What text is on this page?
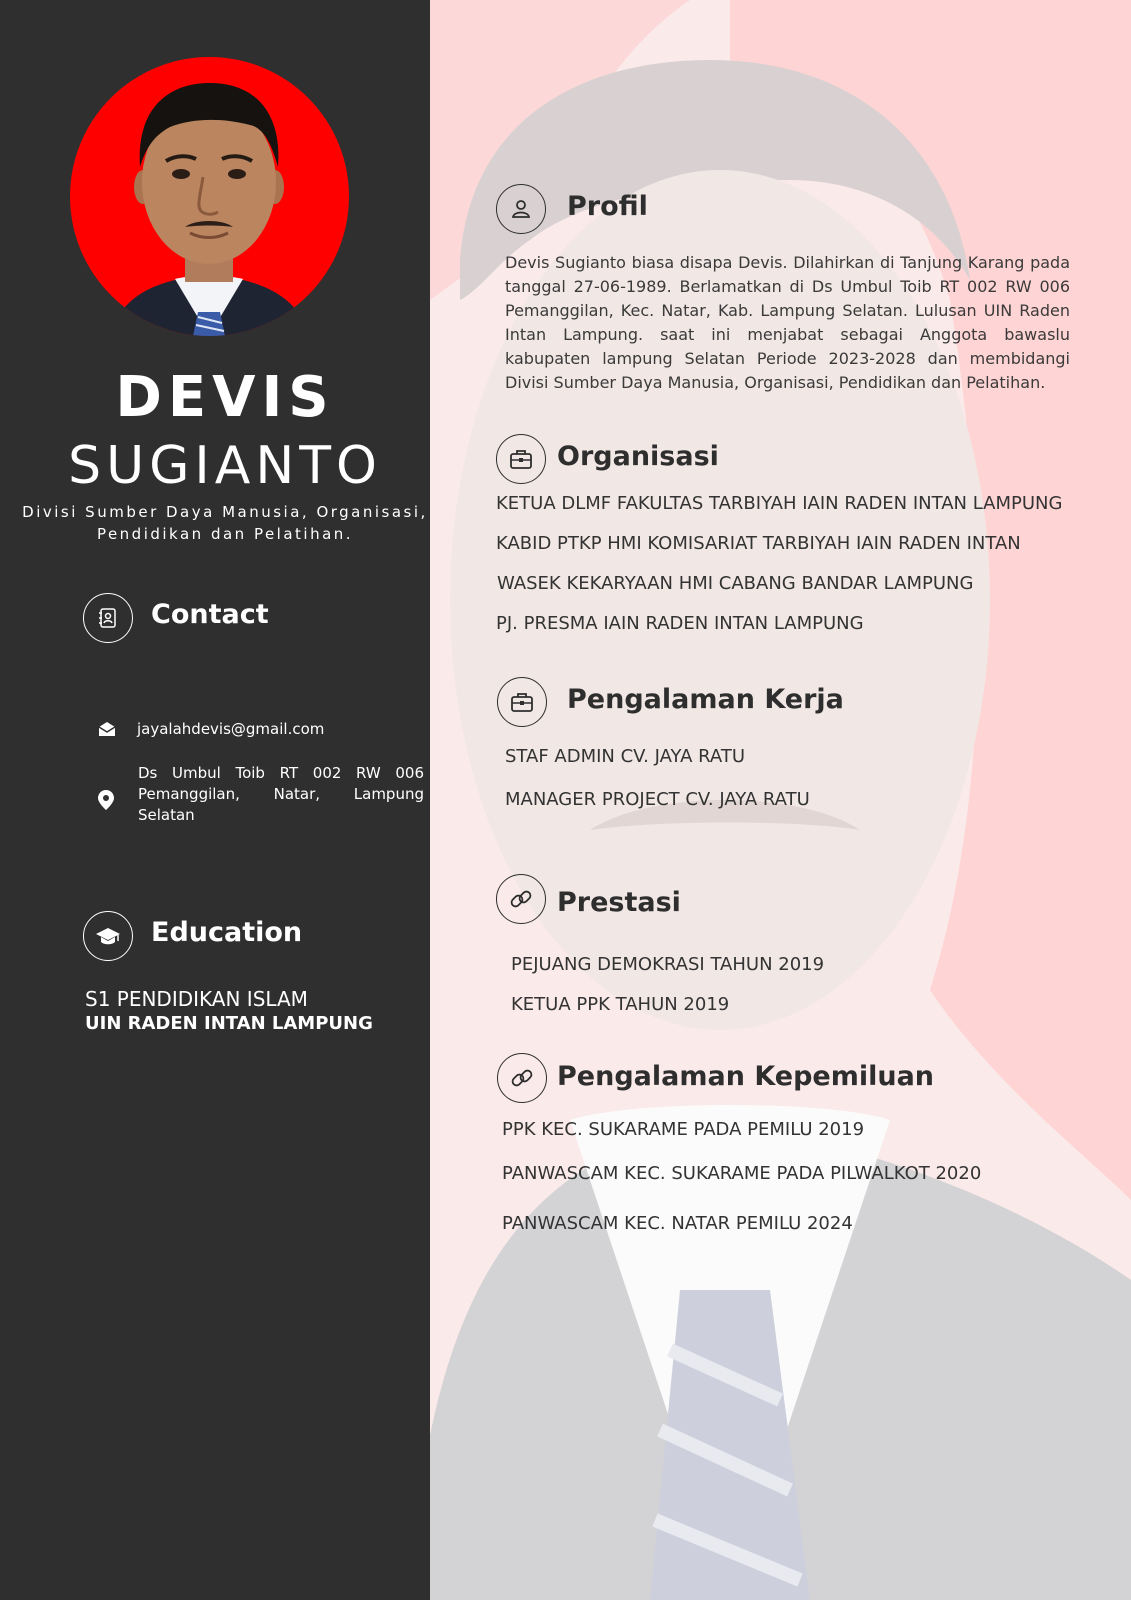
DEVIS
SUGIANTO
Divisi Sumber Daya Manusia, Organisasi, Pendidikan dan Pelatihan.
Contact
jayalahdevis@gmail.com
Ds Umbul Toib RT 002 RW 006 Pemanggilan, Natar, Lampung Selatan
Education
S1 PENDIDIKAN ISLAM
UIN RADEN INTAN LAMPUNG
Profil
Devis Sugianto biasa disapa Devis. Dilahirkan di Tanjung Karang pada tanggal 27-06-1989. Berlamatkan di Ds Umbul Toib RT 002 RW 006 Pemanggilan, Kec. Natar, Kab. Lampung Selatan. Lulusan UIN Raden Intan Lampung. saat ini menjabat sebagai Anggota bawaslu kabupaten lampung Selatan Periode 2023-2028 dan membidangi Divisi Sumber Daya Manusia, Organisasi, Pendidikan dan Pelatihan.
Organisasi
KETUA DLMF FAKULTAS TARBIYAH IAIN RADEN INTAN LAMPUNG
KABID PTKP HMI KOMISARIAT TARBIYAH IAIN RADEN INTAN
WASEK KEKARYAAN HMI CABANG BANDAR LAMPUNG
PJ. PRESMA IAIN RADEN INTAN LAMPUNG
Pengalaman Kerja
STAF ADMIN CV. JAYA RATU
MANAGER PROJECT CV. JAYA RATU
Prestasi
PEJUANG DEMOKRASI TAHUN 2019
KETUA PPK TAHUN 2019
Pengalaman Kepemiluan
PPK KEC. SUKARAME PADA PEMILU 2019
PANWASCAM KEC. SUKARAME PADA PILWALKOT 2020
PANWASCAM KEC. NATAR PEMILU 2024
